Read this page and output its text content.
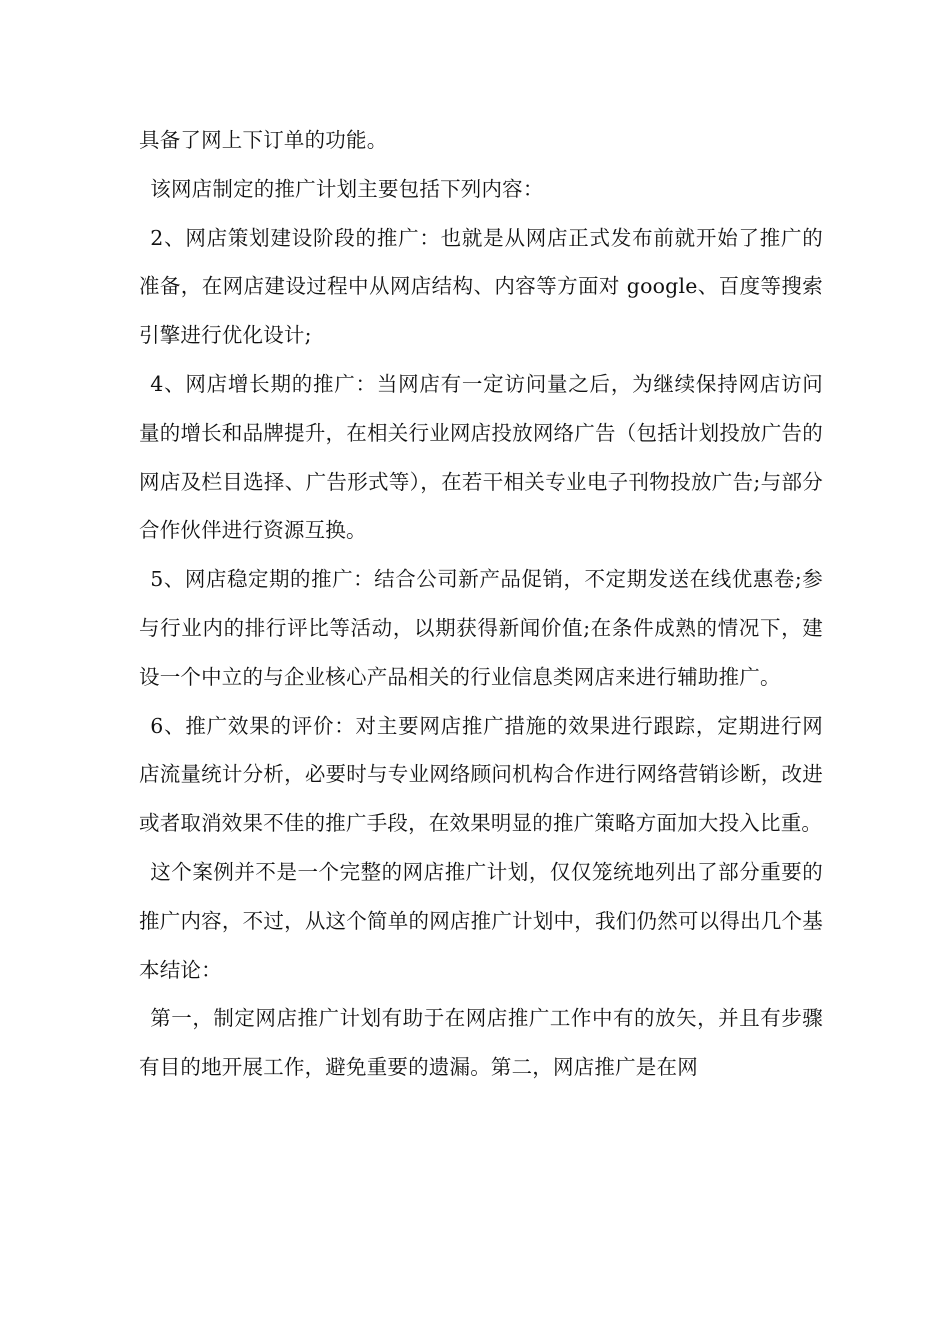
具备了网上下订单的功能。

该网店制定的推广计划主要包括下列内容：

2、网店策划建设阶段的推广：也就是从网店正式发布前就开始了推广的准备，在网店建设过程中从网店结构、内容等方面对 google、百度等搜索引擎进行优化设计;

4、网店增长期的推广：当网店有一定访问量之后，为继续保持网店访问量的增长和品牌提升，在相关行业网店投放网络广告（包括计划投放广告的网店及栏目选择、广告形式等），在若干相关专业电子刊物投放广告;与部分合作伙伴进行资源互换。

5、网店稳定期的推广：结合公司新产品促销，不定期发送在线优惠卷;参与行业内的排行评比等活动，以期获得新闻价值;在条件成熟的情况下，建设一个中立的与企业核心产品相关的行业信息类网店来进行辅助推广。

6、推广效果的评价：对主要网店推广措施的效果进行跟踪，定期进行网店流量统计分析，必要时与专业网络顾问机构合作进行网络营销诊断，改进或者取消效果不佳的推广手段，在效果明显的推广策略方面加大投入比重。

这个案例并不是一个完整的网店推广计划，仅仅笼统地列出了部分重要的推广内容，不过，从这个简单的网店推广计划中，我们仍然可以得出几个基本结论：

第一，制定网店推广计划有助于在网店推广工作中有的放矢，并且有步骤有目的地开展工作，避免重要的遗漏。第二，网店推广是在网
